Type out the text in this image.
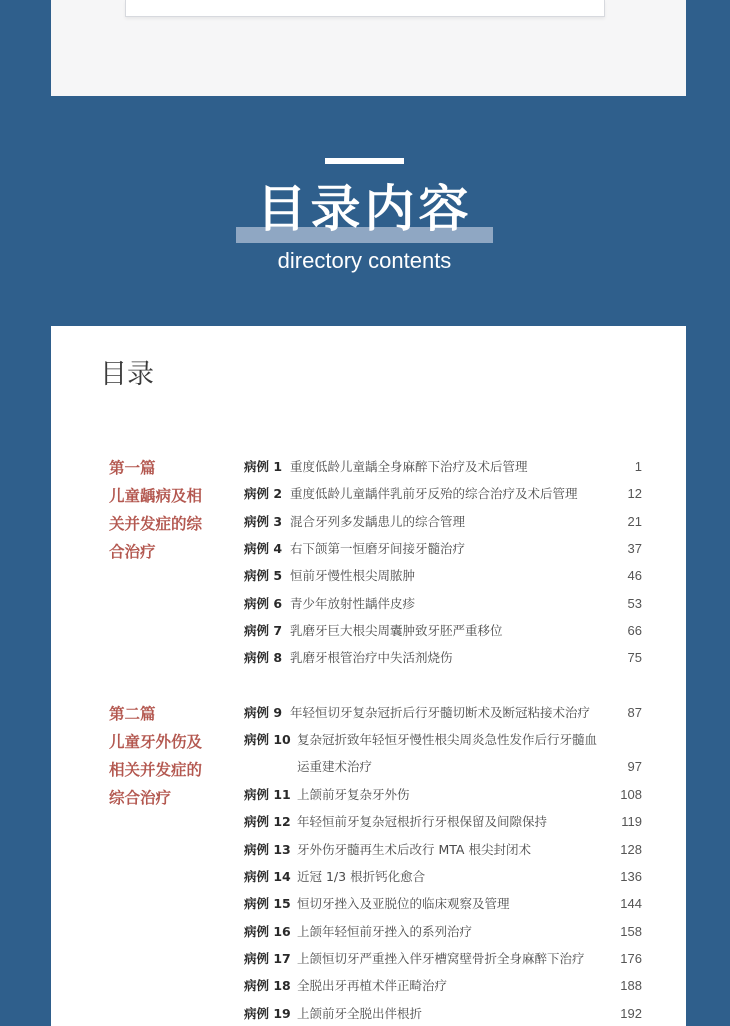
目录内容
directory contents
目录
第一篇
儿童龋病及相
关并发症的综
合治疗
第二篇
儿童牙外伤及
相关并发症的
综合治疗
病例 1 重度低龄儿童龋全身麻醉下治疗及术后管理	1
病例 2 重度低龄儿童龋伴乳前牙反殆的综合治疗及术后管理	12
病例 3 混合牙列多发龋患儿的综合管理	21
病例 4 右下颌第一恒磨牙间接牙髓治疗	37
病例 5 恒前牙慢性根尖周脓肿	46
病例 6 青少年放射性龋伴皮疹	53
病例 7 乳磨牙巨大根尖周囊肿致牙胚严重移位	66
病例 8 乳磨牙根管治疗中失活剂烧伤	75
病例 9 年轻恒切牙复杂冠折后行牙髓切断术及断冠粘接术治疗	87
病例 10 复杂冠折致年轻恒牙慢性根尖周炎急性发作后行牙髓血
运重建术治疗	97
病例 11 上颌前牙复杂牙外伤	108
病例 12 年轻恒前牙复杂冠根折行牙根保留及间隙保持	119
病例 13 牙外伤牙髓再生术后改行 MTA 根尖封闭术	128
病例 14 近冠 1/3 根折钙化愈合	136
病例 15 恒切牙挫入及亚脱位的临床观察及管理	144
病例 16 上颌年轻恒前牙挫入的系列治疗	158
病例 17 上颌恒切牙严重挫入伴牙槽窝壁骨折全身麻醉下治疗	176
病例 18 全脱出牙再植术伴正畸治疗	188
病例 19 上颌前牙全脱出伴根折	192
